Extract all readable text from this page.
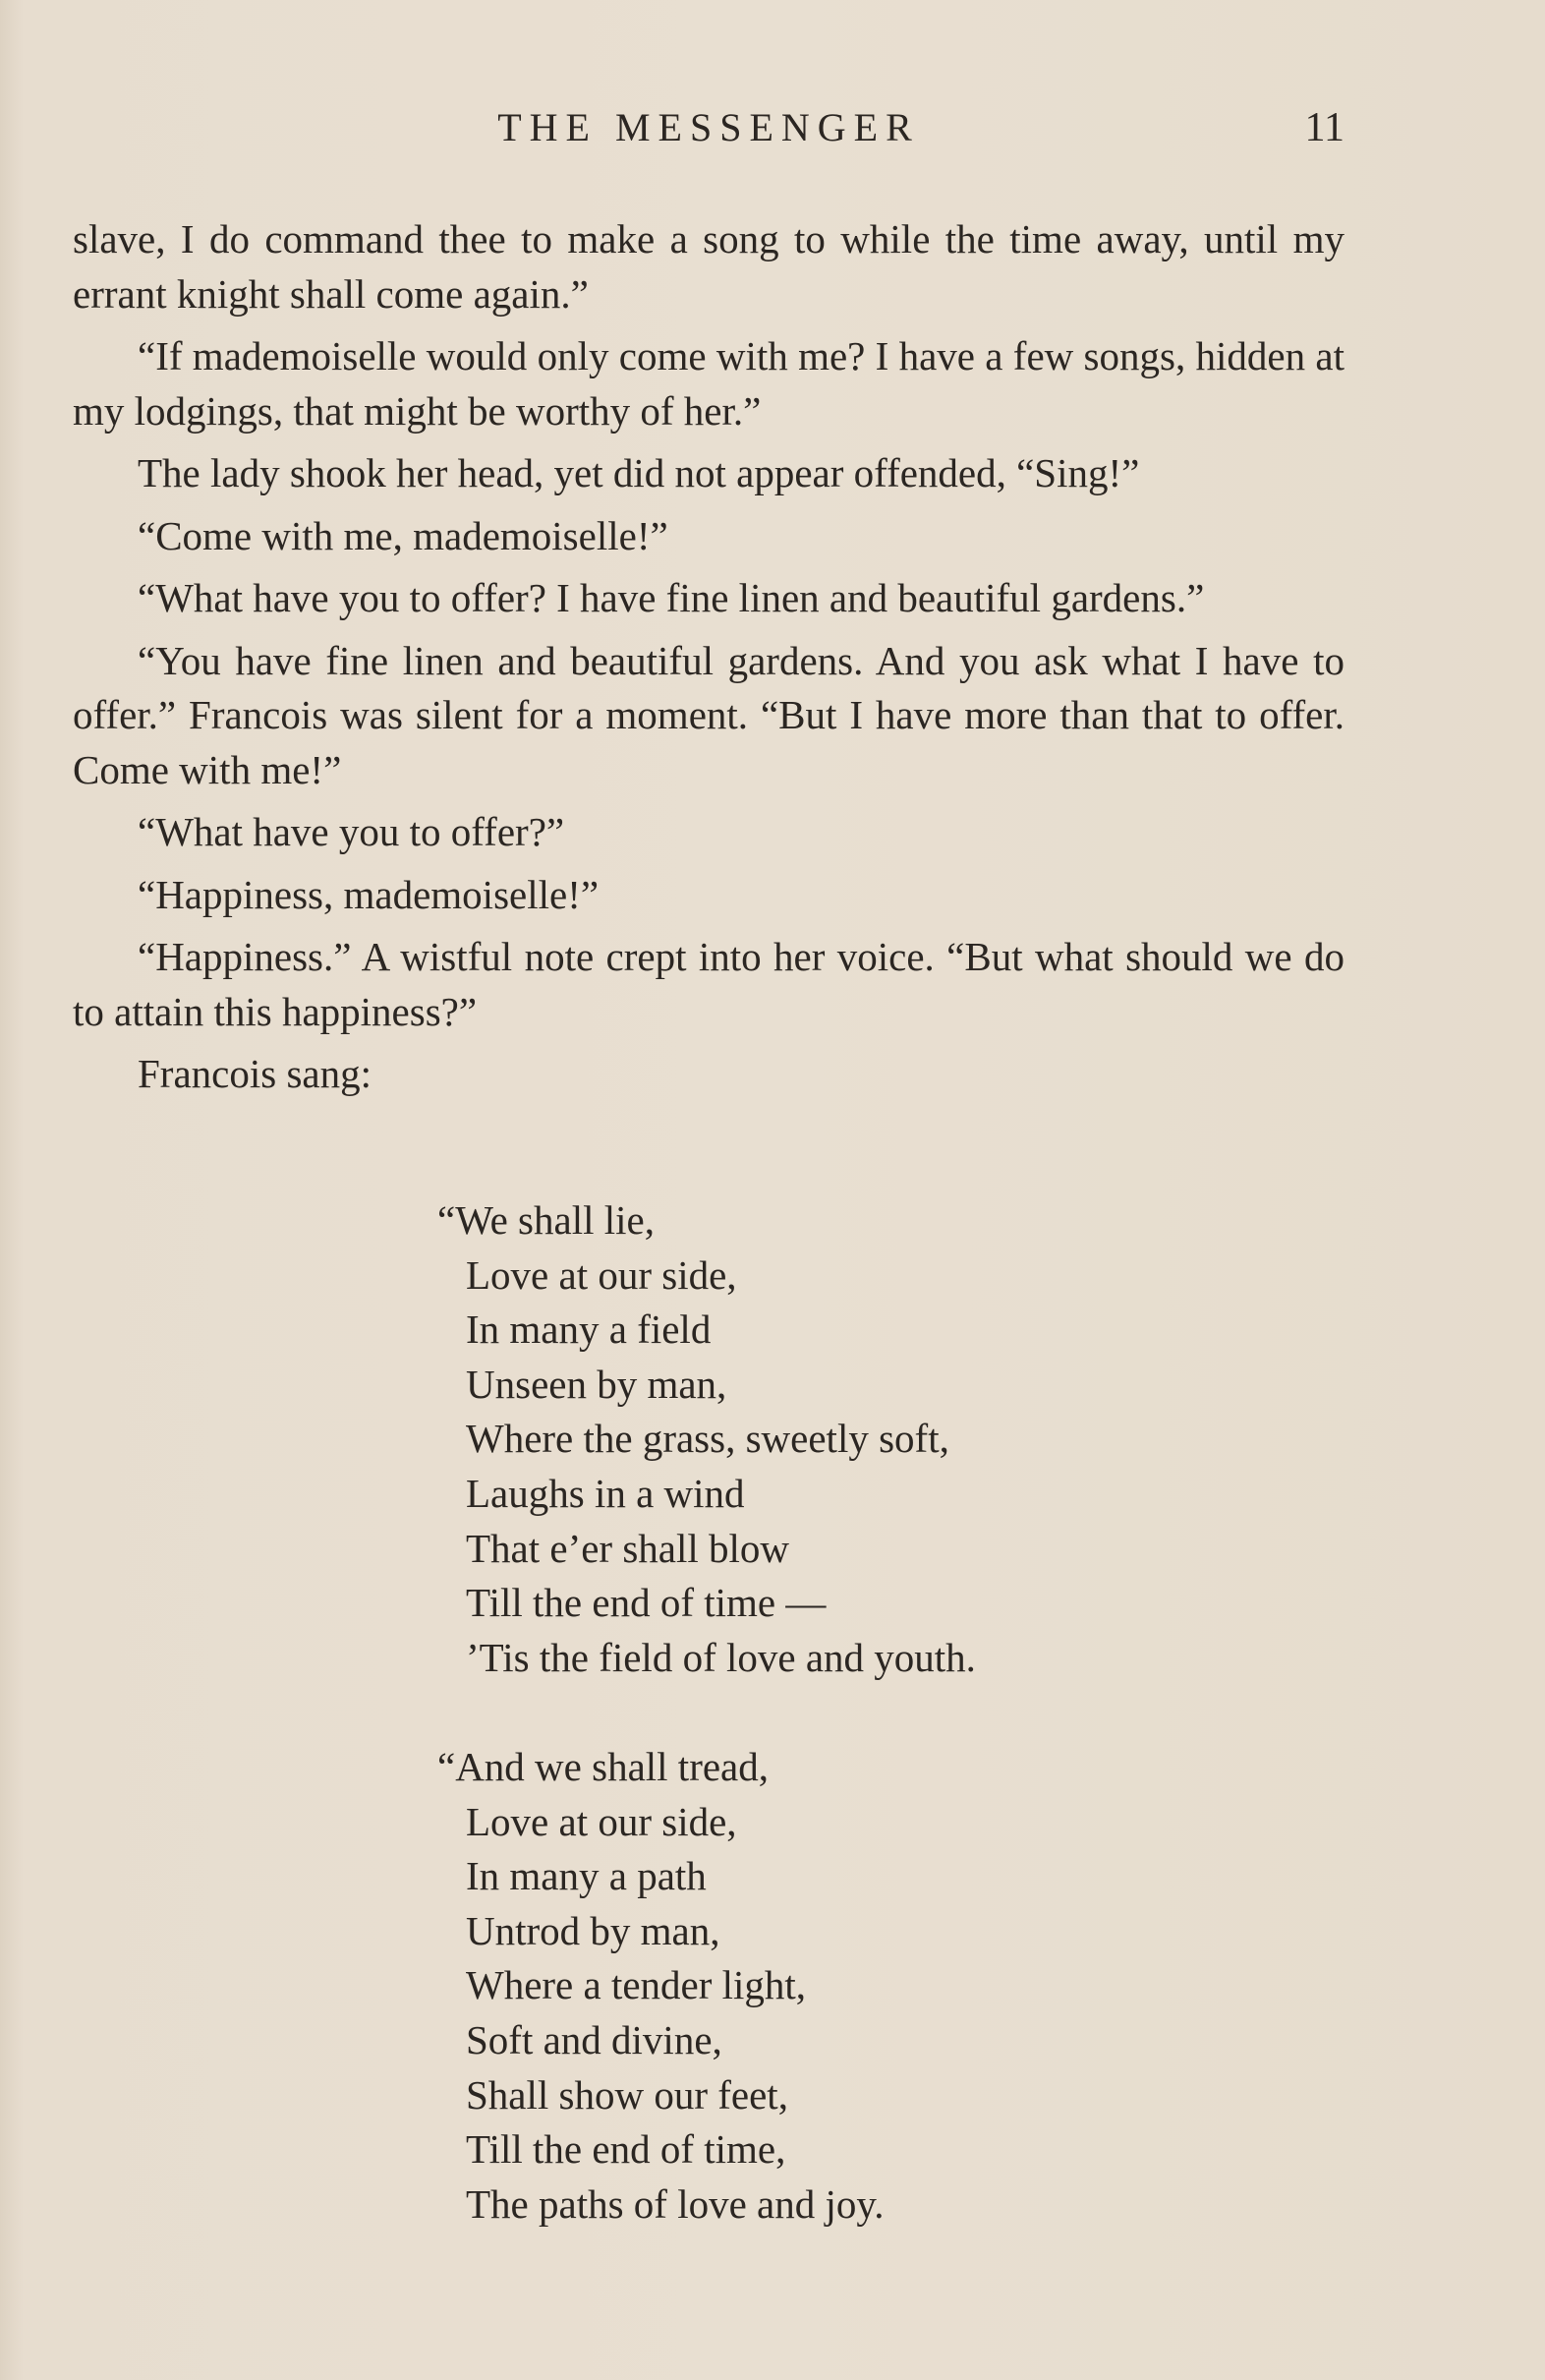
THE MESSENGER	11

slave, I do command thee to make a song to while the time away, until my errant knight shall come again.”

“If mademoiselle would only come with me? I have a few songs, hidden at my lodgings, that might be worthy of her.”

The lady shook her head, yet did not appear offended, “Sing!”

“Come with me, mademoiselle!”

“What have you to offer? I have fine linen and beautiful gardens.”

“You have fine linen and beautiful gardens. And you ask what I have to offer.” Francois was silent for a moment. “But I have more than that to offer. Come with me!”

“What have you to offer?”

“Happiness, mademoiselle!”

“Happiness.” A wistful note crept into her voice. “But what should we do to attain this happiness?”

Francois sang:

“We shall lie,
Love at our side,
In many a field
Unseen by man,
Where the grass, sweetly soft,
Laughs in a wind
That e’er shall blow
Till the end of time —
’Tis the field of love and youth.
“And we shall tread,
Love at our side,
In many a path
Untrod by man,
Where a tender light,
Soft and divine,
Shall show our feet,
Till the end of time,
The paths of love and joy.
